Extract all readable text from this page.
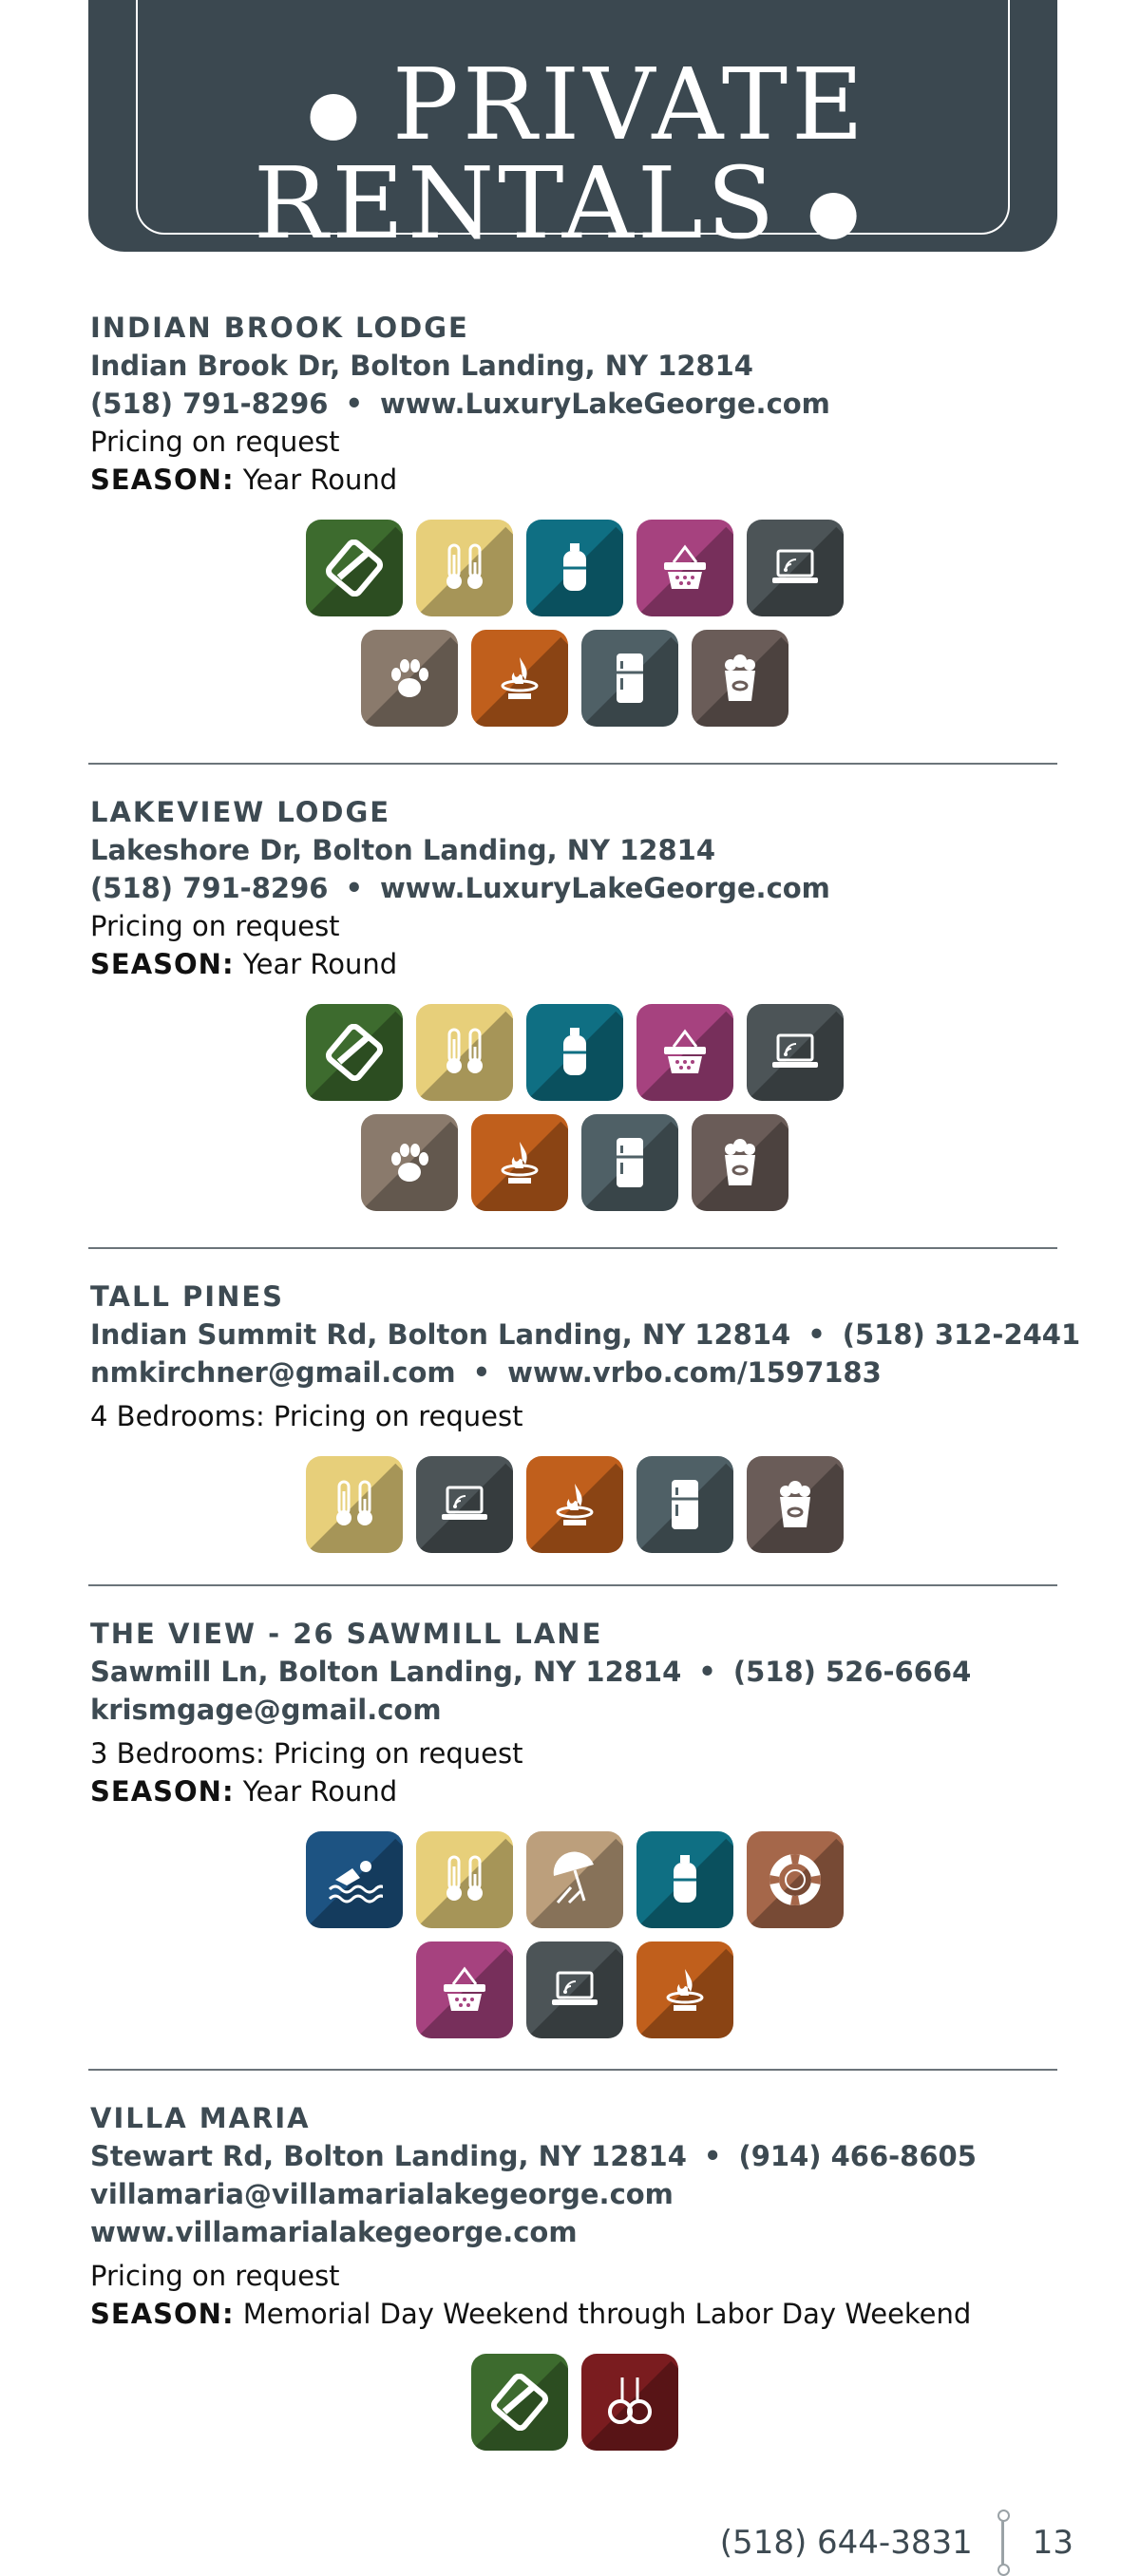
● PRIVATE RENTALS ●
INDIAN BROOK LODGE
Indian Brook Dr, Bolton Landing, NY 12814
(518) 791-8296 • www.LuxuryLakeGeorge.com
Pricing on request
SEASON: Year Round
LAKEVIEW LODGE
Lakeshore Dr, Bolton Landing, NY 12814
(518) 791-8296 • www.LuxuryLakeGeorge.com
Pricing on request
SEASON: Year Round
TALL PINES
Indian Summit Rd, Bolton Landing, NY 12814 • (518) 312-2441
nmkirchner@gmail.com • www.vrbo.com/1597183
4 Bedrooms: Pricing on request
THE VIEW - 26 SAWMILL LANE
Sawmill Ln, Bolton Landing, NY 12814 • (518) 526-6664
krismgage@gmail.com
3 Bedrooms: Pricing on request
SEASON: Year Round
VILLA MARIA
Stewart Rd, Bolton Landing, NY 12814 • (914) 466-8605
villamaria@villamarialakegeorge.com
www.villamarialakegeorge.com
Pricing on request
SEASON: Memorial Day Weekend through Labor Day Weekend
(518) 644-3831 13
